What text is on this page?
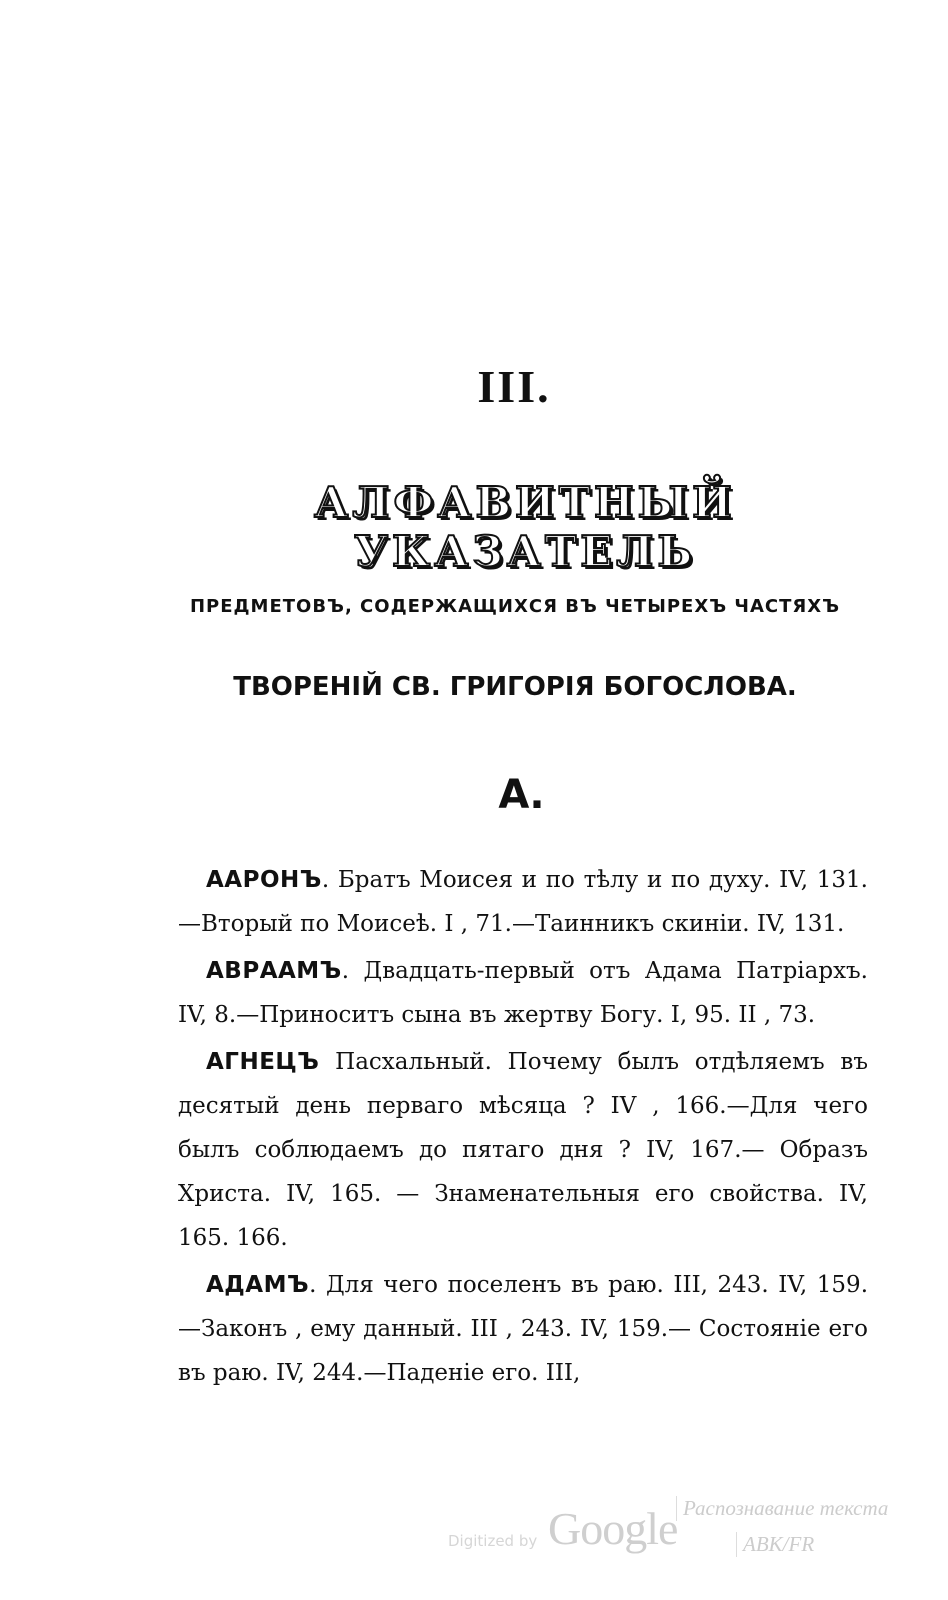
III.
АЛФАВИТНЫЙ УКАЗАТЕЛЬ
ПРЕДМЕТОВЪ, СОДЕРЖАЩИХСЯ ВЪ ЧЕТЫРЕХЪ ЧАСТЯХЪ
ТВОРЕНІЙ СВ. ГРИГОРІЯ БОГОСЛОВА.
А.

ААРОНЪ. Братъ Моисея и по тѣлу и по духу. IV, 131.—Вторый по Моисеѣ. I , 71.—Таинникъ скиніи. IV, 131.

АВРААМЪ. Двадцать-первый отъ Адама Патріархъ. IV, 8.—Приноситъ сына въ жертву Богу. I, 95. II , 73.

АГНЕЦЪ Пасхальный. Почему былъ отдѣляемъ въ десятый день перваго мѣсяца ? IV , 166.—Для чего былъ соблюдаемъ до пятаго дня ? IV, 167.— Образъ Христа. IV, 165. — Знаменательныя его свойства. IV, 165. 166.

АДАМЪ. Для чего поселенъ въ раю. III, 243. IV, 159.—Законъ , ему данный. III , 243. IV, 159.— Состояніе его въ раю. IV, 244.—Паденіе его. III,

Digitized by Google Распознавание текста
ABK/FR
